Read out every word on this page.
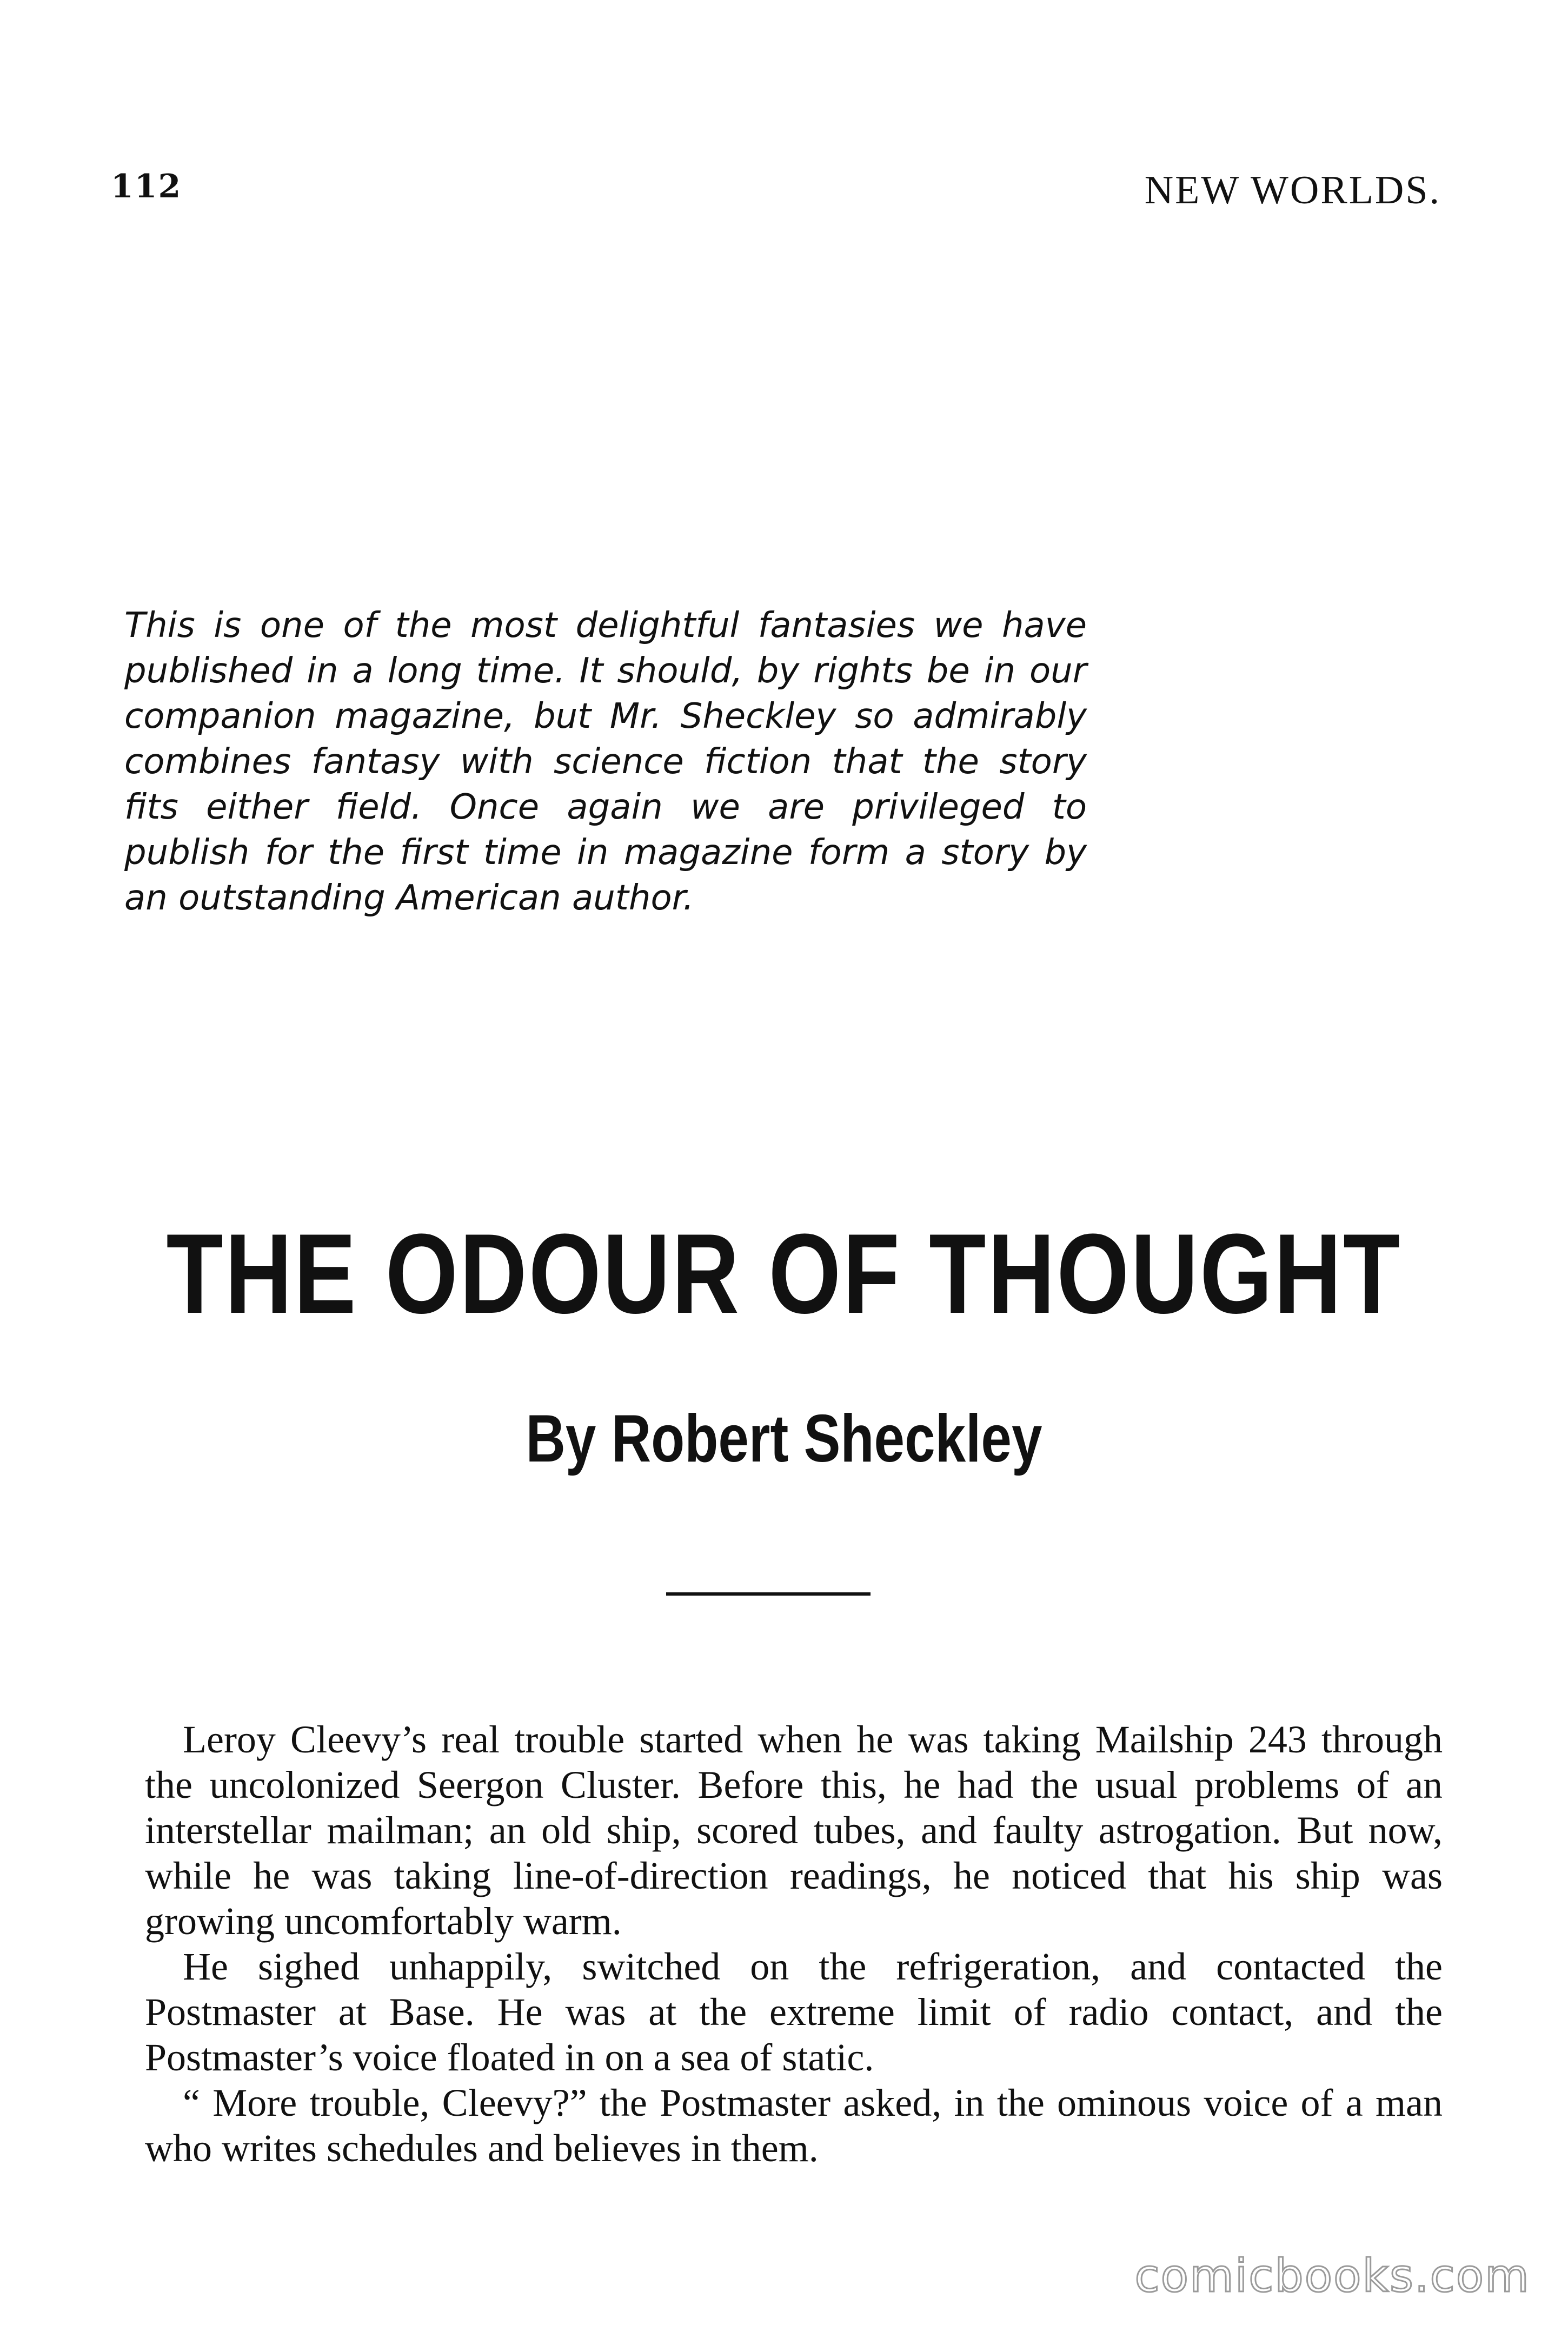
112	NEW WORLDS.
This is one of the most delightful fantasies we have published in a long time. It should, by rights be in our companion magazine, but Mr. Sheckley so admirably combines fantasy with science fiction that the story fits either field. Once again we are privileged to publish for the first time in magazine form a story by an outstanding American author.
THE ODOUR OF THOUGHT
By Robert Sheckley

Leroy Cleevy’s real trouble started when he was taking Mailship 243 through the uncolonized Seergon Cluster. Before this, he had the usual problems of an interstellar mailman; an old ship, scored tubes, and faulty astrogation. But now, while he was taking line-of-direction readings, he noticed that his ship was growing uncomfortably warm.

He sighed unhappily, switched on the refrigeration, and contacted the Postmaster at Base. He was at the extreme limit of radio contact, and the Postmaster’s voice floated in on a sea of static.

“ More trouble, Cleevy?” the Postmaster asked, in the ominous voice of a man who writes schedules and believes in them.

comicbooks.com
